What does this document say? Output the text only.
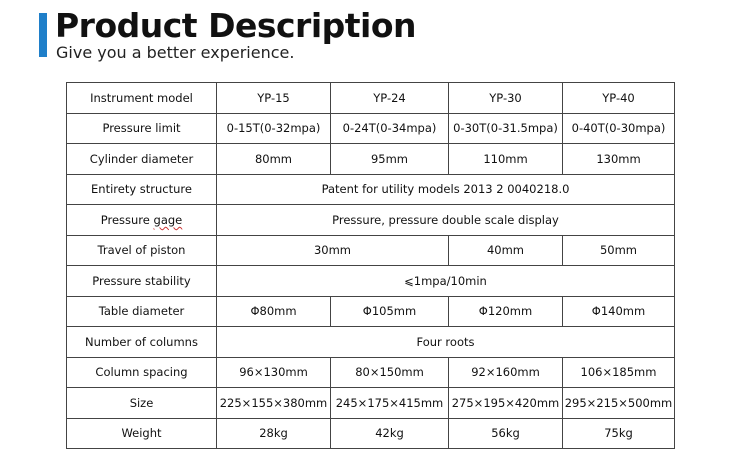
Product Description
Give you a better experience.
Instrument model	YP-15	YP-24	YP-30	YP-40
Pressure limit	0-15T(0-32mpa)	0-24T(0-34mpa)	0-30T(0-31.5mpa)	0-40T(0-30mpa)
Cylinder diameter	80mm	95mm	110mm	130mm
Entirety structure	Patent for utility models 2013 2 0040218.0			
Pressure gage	Pressure, pressure double scale display			
Travel of piston	30mm		40mm	50mm
Pressure stability	⩽1mpa/10min			
Table diameter	Φ80mm	Φ105mm	Φ120mm	Φ140mm
Number of columns	Four roots			
Column spacing	96×130mm	80×150mm	92×160mm	106×185mm
Size	225×155×380mm	245×175×415mm	275×195×420mm	295×215×500mm
Weight	28kg	42kg	56kg	75kg
